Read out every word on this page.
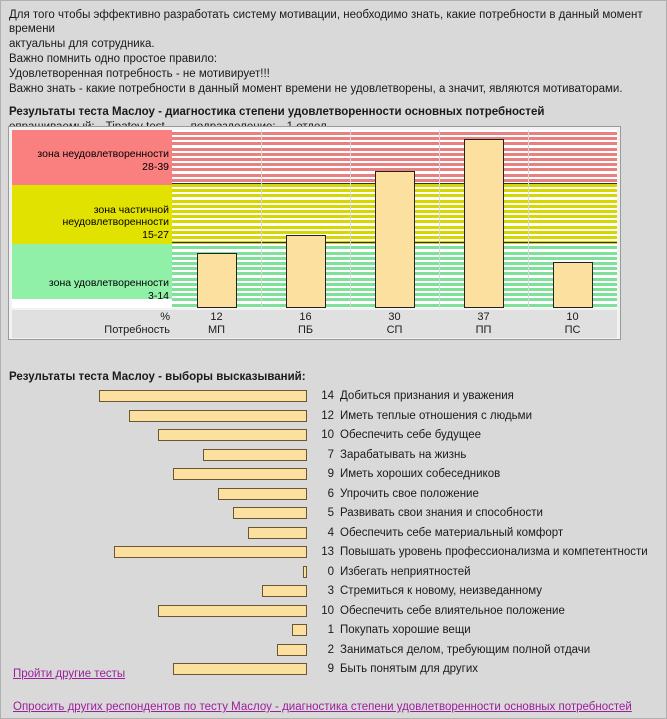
Для того чтобы эффективно разработать систему мотивации, необходимо знать, какие потребности в данный момент времени

актуальны для сотрудника.

Важно помнить одно простое правило:

Удовлетворенная потребность - не мотивирует!!!

Важно знать - какие потребности в данный момент времени не удовлетворены, а значит, являются мотиваторами.

Результаты теста Маслоу - диагностика степени удовлетворенности основных потребностей
зона неудовлетворенности
28-39
зона частичной
неудовлетворенности
15-27
зона удовлетворенности
3-14
%	12	16	30	37	10
Потребность	МП	ПБ	СП	ПП	ПС
Результаты теста Маслоу - выборы высказываний:
14 Добиться признания и уважения
12 Иметь теплые отношения с людьми
10 Обеспечить себе будущее
7 Зарабатывать на жизнь
9 Иметь хороших собеседников
6 Упрочить свое положение
5 Развивать свои знания и способности
4 Обеспечить себе материальный комфорт
13 Повышать уровень профессионализма и компетентности
0 Избегать неприятностей
3 Стремиться к новому, неизведанному
10 Обеспечить себе влиятельное положение
1 Покупать хорошие вещи
2 Заниматься делом, требующим полной отдачи
9 Быть понятым для других
Пройти другие тесты
Опросить других респондентов по тесту Маслоу - диагностика степени удовлетворенности основных потребностей
